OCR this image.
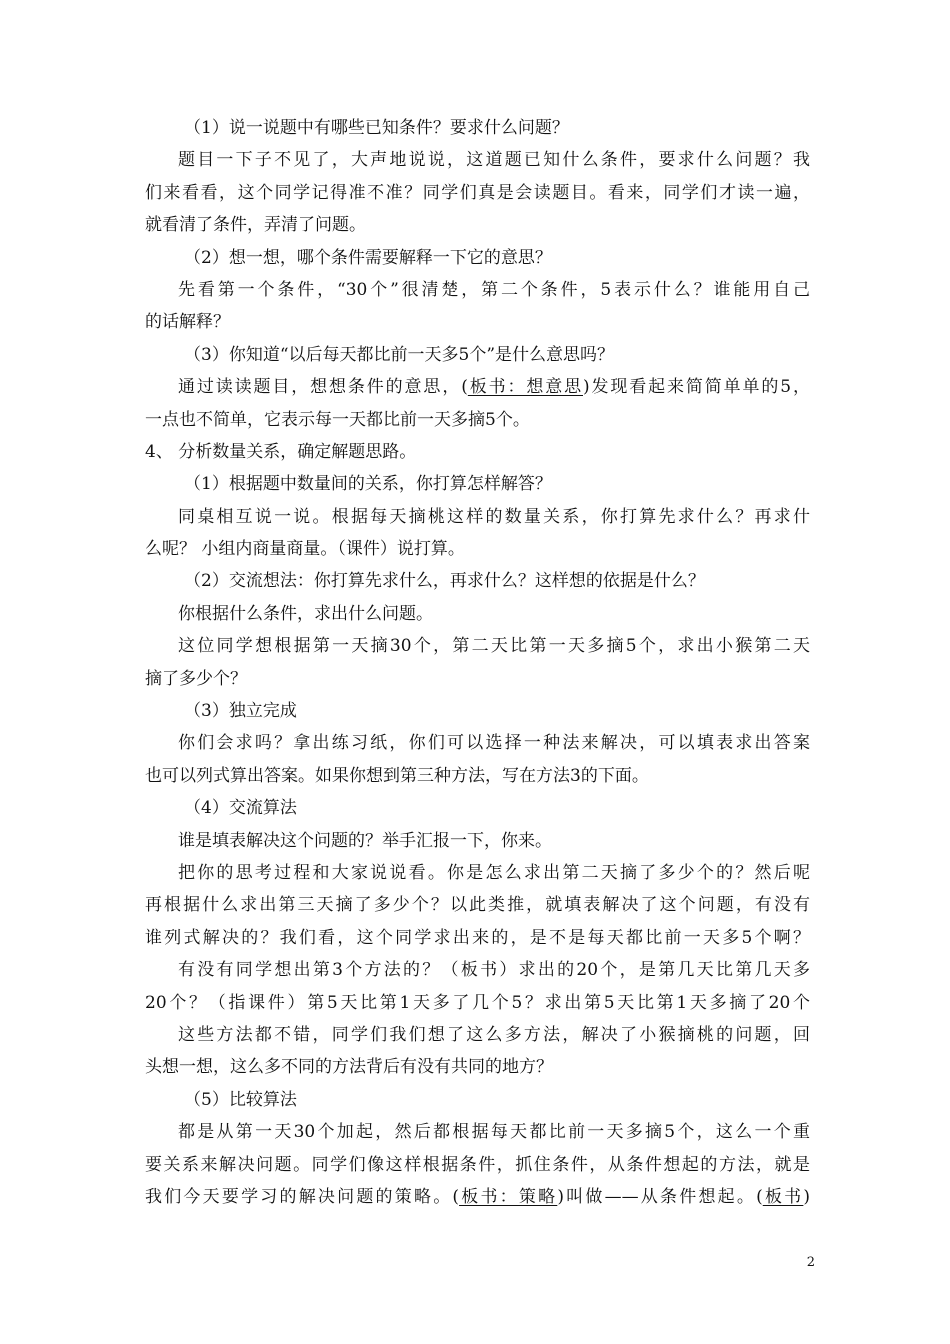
（1）说一说题中有哪些已知条件？要求什么问题？
题目一下子不见了，大声地说说，这道题已知什么条件，要求什么问题？我
们来看看，这个同学记得准不准？同学们真是会读题目。看来，同学们才读一遍，
就看清了条件，弄清了问题。
（2）想一想，哪个条件需要解释一下它的意思？
先看第一个条件，“30个”很清楚，第二个条件，5表示什么？谁能用自己
的话解释？
（3）你知道“以后每天都比前一天多5个”是什么意思吗？
通过读读题目，想想条件的意思，(板书：想意思)发现看起来简简单单的5，
一点也不简单，它表示每一天都比前一天多摘5个。
4、 分析数量关系，确定解题思路。
（1）根据题中数量间的关系，你打算怎样解答？
同桌相互说一说。根据每天摘桃这样的数量关系，你打算先求什么？再求什
么呢？ 小组内商量商量。（课件）说打算。
（2）交流想法：你打算先求什么，再求什么？这样想的依据是什么？
你根据什么条件，求出什么问题。
这位同学想根据第一天摘30个，第二天比第一天多摘5个，求出小猴第二天
摘了多少个？
（3）独立完成
你们会求吗？拿出练习纸，你们可以选择一种法来解决，可以填表求出答案
也可以列式算出答案。如果你想到第三种方法，写在方法3的下面。
（4）交流算法
谁是填表解决这个问题的？举手汇报一下，你来。
把你的思考过程和大家说说看。你是怎么求出第二天摘了多少个的？然后呢
再根据什么求出第三天摘了多少个？以此类推，就填表解决了这个问题，有没有
谁列式解决的？我们看，这个同学求出来的，是不是每天都比前一天多5个啊？
有没有同学想出第3个方法的？（板书）求出的20个，是第几天比第几天多
20个？（指课件）第5天比第1天多了几个5？求出第5天比第1天多摘了20个
这些方法都不错，同学们我们想了这么多方法，解决了小猴摘桃的问题，回
头想一想，这么多不同的方法背后有没有共同的地方？
（5）比较算法
都是从第一天30个加起，然后都根据每天都比前一天多摘5个，这么一个重
要关系来解决问题。同学们像这样根据条件，抓住条件，从条件想起的方法，就是
我们今天要学习的解决问题的策略。(板书：策略)叫做——从条件想起。(板书)
2
